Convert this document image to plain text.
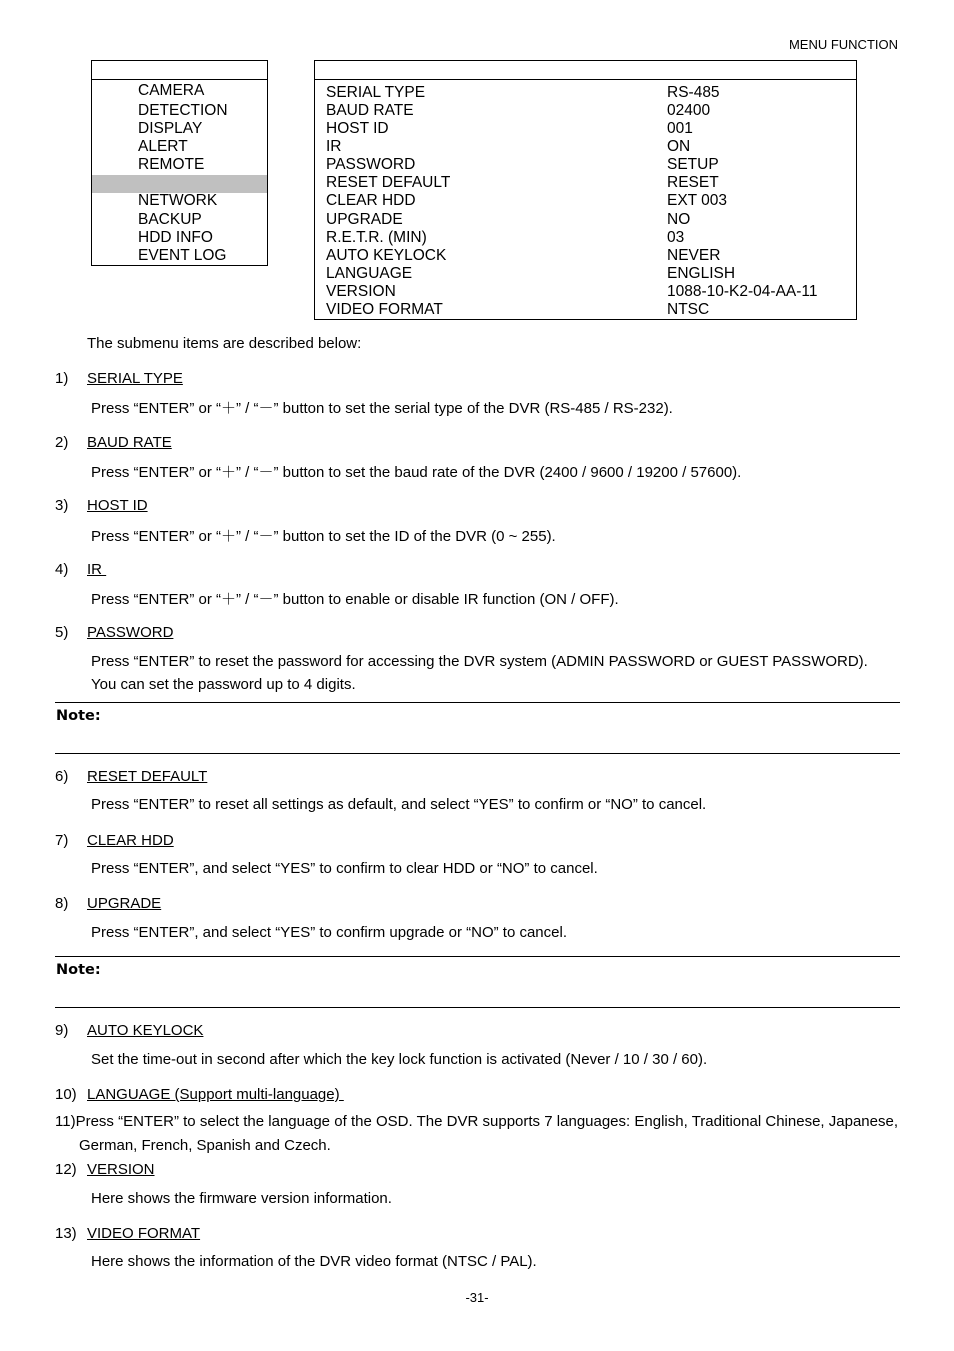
MENU FUNCTION
CAMERA
DETECTION
DISPLAY
ALERT
REMOTE
NETWORK
BACKUP
HDD INFO
EVENT LOG
SERIAL TYPE	RS-485
BAUD RATE	02400
HOST ID	001
IR	ON
PASSWORD	SETUP
RESET DEFAULT	RESET
CLEAR HDD	EXT 003
UPGRADE	NO
R.E.T.R. (MIN)	03
AUTO KEYLOCK	NEVER
LANGUAGE	ENGLISH
VERSION	1088-10-K2-04-AA-11
VIDEO FORMAT	NTSC
The submenu items are described below:
1) SERIAL TYPE
Press “ENTER” or “＋” / “－” button to set the serial type of the DVR (RS-485 / RS-232).
2) BAUD RATE
Press “ENTER” or “＋” / “－” button to set the baud rate of the DVR (2400 / 9600 / 19200 / 57600).
3) HOST ID
Press “ENTER” or “＋” / “－” button to set the ID of the DVR (0 ~ 255).
4) IR
Press “ENTER” or “＋” / “－” button to enable or disable IR function (ON / OFF).
5) PASSWORD
Press “ENTER” to reset the password for accessing the DVR system (ADMIN PASSWORD or GUEST PASSWORD).
You can set the password up to 4 digits.
Note:
6) RESET DEFAULT
Press “ENTER” to reset all settings as default, and select “YES” to confirm or “NO” to cancel.
7) CLEAR HDD
Press “ENTER”, and select “YES” to confirm to clear HDD or “NO” to cancel.
8) UPGRADE
Press “ENTER”, and select “YES” to confirm upgrade or “NO” to cancel.
Note:
9) AUTO KEYLOCK
Set the time-out in second after which the key lock function is activated (Never / 10 / 30 / 60).
10) LANGUAGE (Support multi-language)
11)Press “ENTER” to select the language of the OSD. The DVR supports 7 languages: English, Traditional Chinese, Japanese, German, French, Spanish and Czech.
12) VERSION
Here shows the firmware version information.
13) VIDEO FORMAT
Here shows the information of the DVR video format (NTSC / PAL).
-31-
